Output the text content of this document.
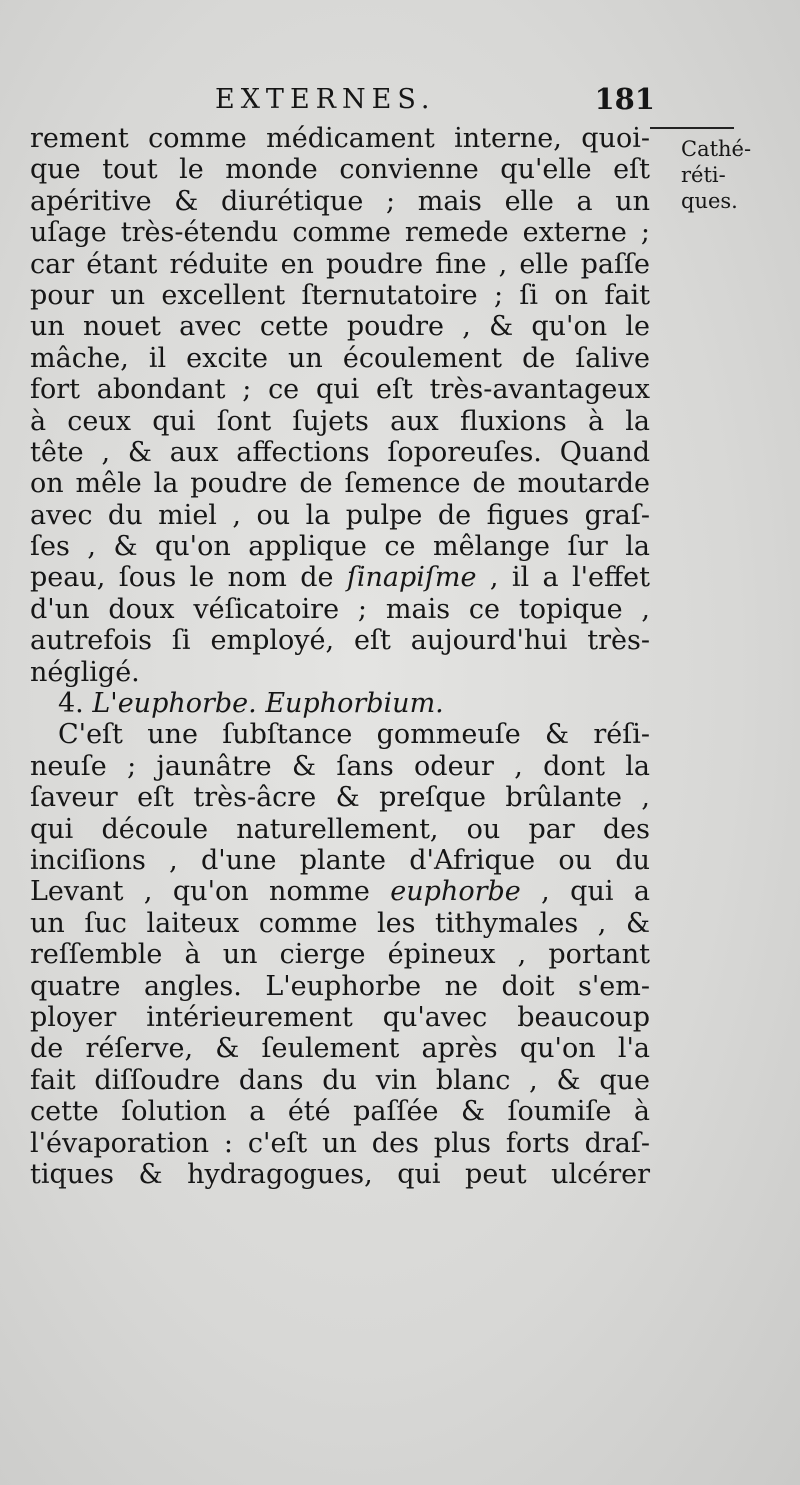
EXTERNES.	181
Cathé-
réti-
ques.
rement comme médicament interne, quoi-
que tout le monde convienne qu'elle eſt
apéritive & diurétique ; mais elle a un
uſage très-étendu comme remede externe ;
car étant réduite en poudre fine , elle paſſe
pour un excellent ſternutatoire ; ſi on fait
un nouet avec cette poudre , & qu'on le
mâche, il excite un écoulement de ſalive
fort abondant ; ce qui eſt très-avantageux
à ceux qui ſont ſujets aux fluxions à la
tête , & aux affections ſoporeuſes. Quand
on mêle la poudre de ſemence de moutarde
avec du miel , ou la pulpe de figues graſ-
ſes , & qu'on applique ce mêlange ſur la
peau, ſous le nom de ſinapiſme , il a l'effet
d'un doux véſicatoire ; mais ce topique ,
autrefois ſi employé, eſt aujourd'hui très-
négligé.
4. L'euphorbe. Euphorbium.
C'eſt une ſubſtance gommeuſe & réſi-
neuſe ; jaunâtre & ſans odeur , dont la
ſaveur eſt très-âcre & preſque brûlante ,
qui découle naturellement, ou par des
inciſions , d'une plante d'Afrique ou du
Levant , qu'on nomme euphorbe , qui a
un ſuc laiteux comme les tithymales , &
reſſemble à un cierge épineux , portant
quatre angles. L'euphorbe ne doit s'em-
ployer intérieurement qu'avec beaucoup
de réſerve, & ſeulement après qu'on l'a
fait diſſoudre dans du vin blanc , & que
cette ſolution a été paſſée & ſoumiſe à
l'évaporation : c'eſt un des plus forts draſ-
tiques & hydragogues, qui peut ulcérer
